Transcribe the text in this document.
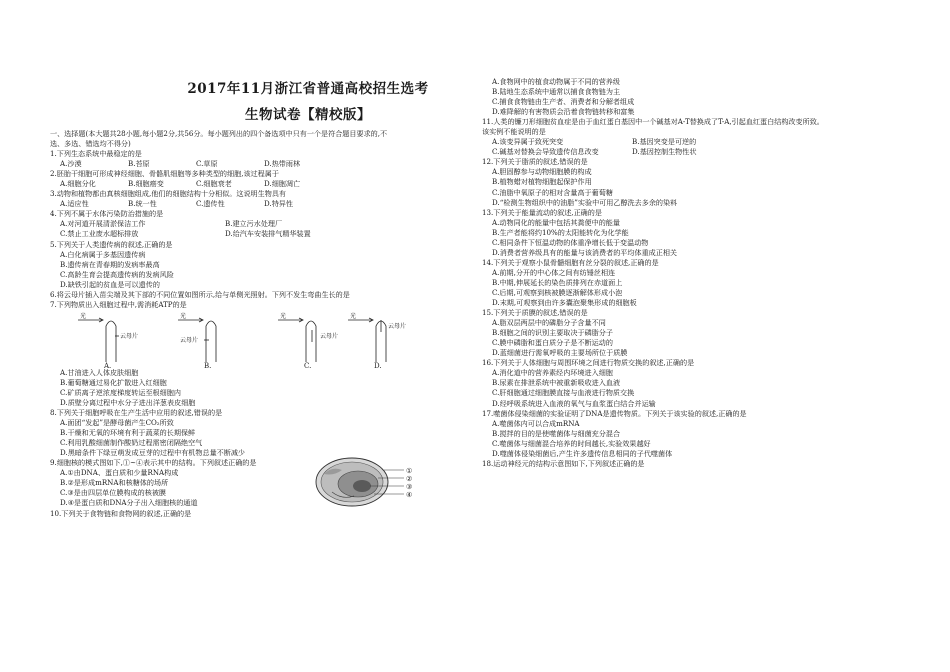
2017年11月浙江省普通高校招生选考
生物试卷【精校版】

一、选择题(本大题共28小题,每小题2分,共56分。每小题列出的四个备选项中只有一个是符合题目要求的,不

选、多选、错选均不得分)

1.下列生态系统中最稳定的是

A.沙漠	B.苔原	C.草原	D.热带雨林

2.胚胎干细胞可形成神经细胞、骨骼肌细胞等多种类型的细胞,该过程属于

A.细胞分化	B.细胞癌变	C.细胞衰老	D.细胞凋亡

3.动物和植物都由真核细胞组成,他们的细胞结构十分相似。这说明生物具有

A.适应性	B.统一性	C.遗传性	D.特异性

4.下列不属于水体污染防治措施的是

A.对河道开展清淤保洁工作	B.建立污水处理厂
C.禁止工业废水超标排放	D.给汽车安装排气精华装置

5.下列关于人类遗传病的叙述,正确的是

A.白化病属于多基因遗传病

B.遗传病在青春期的发病率最高

C.高龄生育会提高遗传病的发病风险

D.缺铁引起的贫血是可以遗传的

6.将云母片插入苗尖端及其下部的不同位置如图所示,给与单侧光照射。下列不发生弯曲生长的是

7.下列物质出入细胞过程中,需消耗ATP的是

光
云母片
光
云母片
光
云母片
光
云母片
A.	B.	C.	D.

A.甘油进入人体皮肤细胞

B.葡萄糖通过易化扩散进入红细胞

C.矿质离子逆浓度梯度转运至根细胞内

D.质壁分离过程中水分子进出洋葱表皮细胞

8.下列关于细胞呼吸在生产生活中应用的叙述,错误的是

A.面团“发起”是酵母菌产生CO₂所致

B.干燥和无氧的环境有利于蔬菜的长期保鲜

C.利用乳酸细菌制作酸奶过程需密闭隔绝空气

D.黑暗条件下绿豆萌发成豆芽的过程中有机物总量不断减少

9.细胞核的模式图如下,①~④表示其中的结构。下列叙述正确的是

A.①由DNA、蛋白质和少量RNA构成

B.②是形成mRNA和核糖体的场所

C.③是由四层单位膜构成的核被膜

D.④是蛋白质和DNA分子出入细胞核的通道

①
②
③
④

10.下列关于食物链和食物网的叙述,正确的是

A.食物网中的植食动物属于不同的营养级

B.陆地生态系统中通常以捕食食物链为主

C.捕食食物链由生产者、消费者和分解者组成

D.难降解的有害物质会沿着食物链转移和富集

11.人类的镰刀形细胞贫血症是由于血红蛋白基因中一个碱基对A-T替换成了T-A,引起血红蛋白结构改变所致。

该实例不能说明的是

A.该变异属于致死突变	B.基因突变是可逆的
C.碱基对替换会导致遗传信息改变	D.基因控制生物性状

12.下列关于脂质的叙述,错误的是

A.胆固醇参与动物细胞膜的构成

B.植物蜡对植物细胞起保护作用

C.油脂中氧原子的相对含量高于葡萄糖

D.“检测生物组织中的油脂”实验中可用乙醇洗去多余的染料

13.下列关于能量流动的叙述,正确的是

A.动物同化的能量中包括其粪便中的能量

B.生产者能将约10%的太阳能转化为化学能

C.相同条件下恒温动物的体重净增长低于变温动物

D.消费者营养级具有的能量与该消费者的平均体重成正相关

14.下列关于观察小鼠骨髓细胞有丝分裂的叙述,正确的是

A.前期,分开的中心体之间有纺锤丝相连

B.中期,伸展延长的染色质排列在赤道面上

C.后期,可观察到核被膜逐渐解体形成小泡

D.末期,可观察到由许多囊泡聚集形成的细胞板

15.下列关于质膜的叙述,错误的是

A.脂双层两层中的磷脂分子含量不同

B.细胞之间的识别主要取决于磷脂分子

C.膜中磷脂和蛋白质分子是不断运动的

D.蓝细菌进行需氧呼吸的主要场所位于质膜

16.下列关于人体细胞与周围环境之间进行物质交换的叙述,正确的是

A.消化道中的营养素经内环境进入细胞

B.尿素在排泄系统中被重新吸收进入血液

C.肝细胞通过细胞膜直接与血液进行物质交换

D.经呼吸系统进入血液的氧气与血浆蛋白结合并运输

17.噬菌体侵染细菌的实验证明了DNA是遗传物质。下列关于该实验的叙述,正确的是

A.噬菌体内可以合成mRNA

B.搅拌的目的是使噬菌体与细菌充分混合

C.噬菌体与细菌混合培养的时间越长,实验效果越好

D.噬菌体侵染细菌后,产生许多遗传信息相同的子代噬菌体

18.运动神经元的结构示意图如下,下列叙述正确的是
